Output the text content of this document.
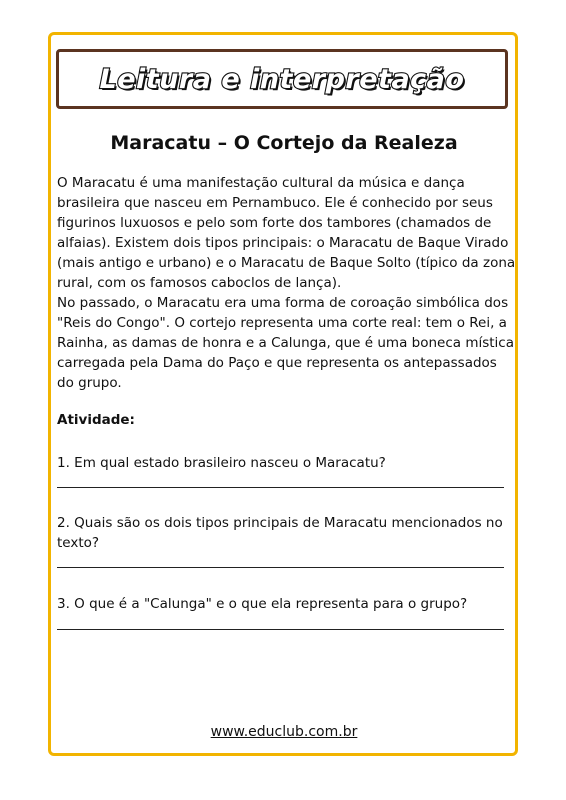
Leitura e interpretação
Maracatu – O Cortejo da Realeza

O Maracatu é uma manifestação cultural da música e dança brasileira que nasceu em Pernambuco. Ele é conhecido por seus figurinos luxuosos e pelo som forte dos tambores (chamados de alfaias). Existem dois tipos principais: o Maracatu de Baque Virado (mais antigo e urbano) e o Maracatu de Baque Solto (típico da zona rural, com os famosos caboclos de lança).

No passado, o Maracatu era uma forma de coroação simbólica dos "Reis do Congo". O cortejo representa uma corte real: tem o Rei, a Rainha, as damas de honra e a Calunga, que é uma boneca mística carregada pela Dama do Paço e que representa os antepassados do grupo.

Atividade:
1. Em qual estado brasileiro nasceu o Maracatu?
2. Quais são os dois tipos principais de Maracatu mencionados no texto?
3. O que é a "Calunga" e o que ela representa para o grupo?
www.educlub.com.br
